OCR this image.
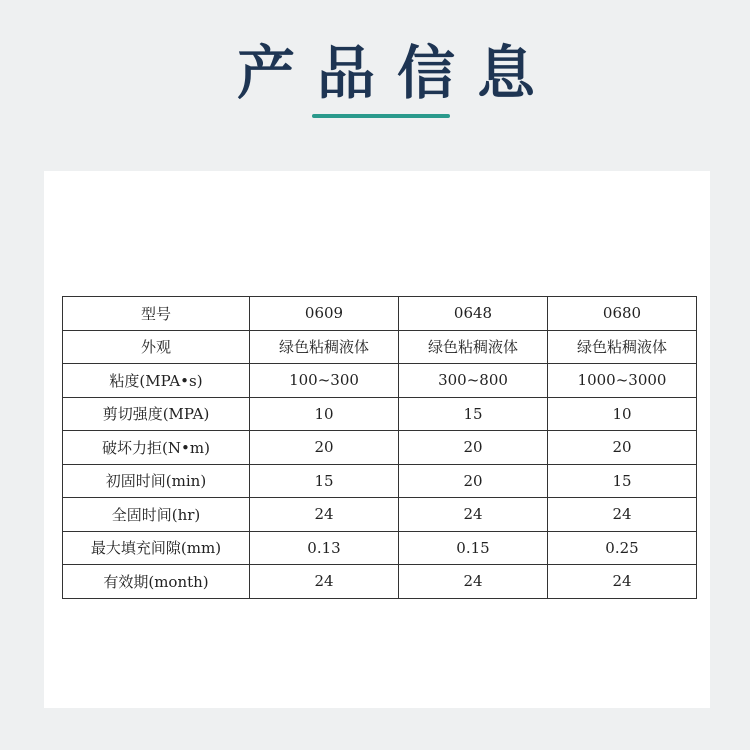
产品信息
型号	0609	0648	0680
外观	绿色粘稠液体	绿色粘稠液体	绿色粘稠液体
粘度(MPA•s)	100~300	300~800	1000~3000
剪切强度(MPA)	10	15	10
破坏力拒(N•m)	20	20	20
初固时间(min)	15	20	15
全固时间(hr)	24	24	24
最大填充间隙(mm)	0.13	0.15	0.25
有效期(month)	24	24	24
